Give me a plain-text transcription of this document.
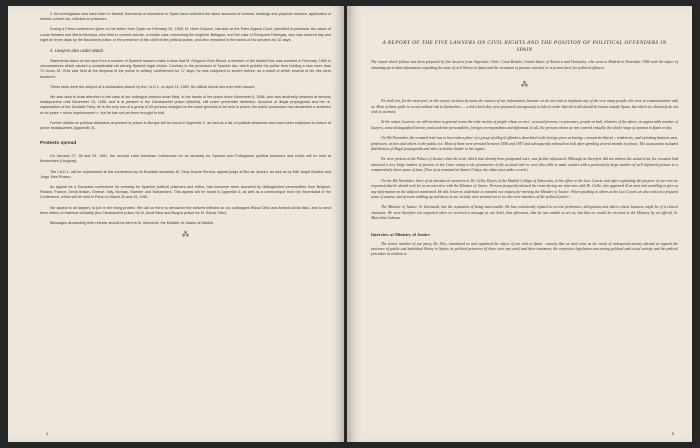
3. All investigators who have been in Madrid, Barcelona or elsewhere in Spain have collected the same accounts of tortures, beatings and physical violence, application of electric current etc, inflicted on prisoners.

During a Press conference given on his return from Spain on February 20, 1959, M. Henri Douzon, barrister at the Paris Appeal Court, specified in particular the cases of Lucas Morales and María Montoya, who tried to commit suicide, a similar case concerning the engineer Balaguer, and the case of Enriqueta Fabregas, who was tortured day and night for three days by the Barcelona police, in the presence of the chief of the political police, and who remained in the hands of his torturers for 32 days.

4. Lawyers also under attack

Statements taken on the spot from a number of Spanish lawyers make it clear that M. Gregorio Ortiz Riscal, a member of the Madrid Bar, was arrested in February, 1960 in circumstances which caused a considerable stir among Spanish legal circles. Contrary to the provisions of Spanish law, which prohibit the police from holding a man more than 72 hours, M. Ortiz was held at the disposal of the police in solitary confinement for 17 days; he was subjected to severe torture, as a result of which several of his ribs were fractured.

These facts were the subject of a declaration issued by the I.A.D.L. on April 13, 1960. No official denial has ever been issued.

We also wish to draw attention to the case of our colleague Antonio Amat Maiz, in the hands of the police since November 8, 1958, who was arbitrarily detained at security headquarters until November 23, 1958, and is at present in the Carabanchel prison (Madrid), still under preventive detention. Accused of illegal propaganda and the re-organisation of the Socialist Party, he is the only one of a group of 53 persons charged on the same grounds to be held in prison; the public prosecutor has demanded a sentence of six years « minor imprisonment », but he has not yet been brought to trial.

Further details on political detainees at present in prison in Burgos will be found in Appendix 2, as well as a list of political detainees who have been subjected to torture at police headquarters (Appendix 3).

Protests spread

On January 27, 28 and 29, 1961, the second Latin American Conference for an amnesty for Spanish and Portuguese political prisoners and exiles will be held at Montevideo (Uruguay).

The I.A.D.L. will be represented at this conference by its Brazilian secretary M. Osny Duarte Pereira, appeal judge at Rio de Janeiro, as well as by MM. Angel Bustelo and Jorge Jiles Pizarro.

An appeal for a European conference for amnesty for Spanish political prisoners and exiles, has moreover been launched by distinguished personalities from Belgium, Finland, France, Great Britain, Greece, Italy, Norway, Sweden and Switzerland. This appeal will be found in Appendix 4, as well as a communiqué from the Secretariat of the Conference, which will be held in Paris on March 25 and 26, 1961.

We appeal to all lawyers to join in the rising protest. We call on them to denounce the tortures inflicted on our colleagues Riscal Ortiz and Antonio Amat Maiz, and to send them letters of fraternal solidarity (the Carabanchel prison for M. Amat Maiz and Burgos prison for M. Riscal Ortiz).

Messages demanding their release should be sent to M. Iturmendi, the Minister of Justice at Madrid.

⁂
4
A REPORT OF THE FIVE LAWYERS ON CIVIL RIGHTS AND THE POSITION OF POLITICAL OFFENDERS IN SPAIN
The report which follows has been prepared by five lawyers from Argentine, Chile, Great Britain, United States of America and Venezuela, who went to Madrid in November 1960 with the object of obtaining up-to-date information regarding the state of civil liberty in Spain and the treatment of persons arrested or in prison there for political offences.
⁂

We shall not, for the most part, in this report, mention by name the sources of our information, because we do not wish to implicate any of the very many people who were in communication with us. Most of them spoke to us not without risk to themselves — a risk which they were prepared courageously to take in order that the truth should be known outside Spain, but which we obviously do not wish to increase.

At the outset, however, we will mention in general terms the wide variety of people whom we met : accused persons, ex-prisoners, people on bail, relatives of the above, an appreciable number of lawyers, some distinguished literary and academic personalities, foreign correspondents and diplomats. In all, the persons whom we met covered virtually the whole range of opinion in Spain to-day.

On 9th November, the resumed trial was to have taken place of a group of alleged offenders described in the foreign press as having « monarcho-liberal » tendencies, and including business men, professors, writers and others in the public eye. Most of them were arrested between 1956 and 1957 and subsequently released on bail after spending several months in prison. The accusations included distribution of illegal propaganda and other activities hostile to the regime.

We were present at the Palace of Justice when the trial, which had already been postponed once, was further adjourned. Although we therefore did not witness the actual trial, the occasion had attracted a very large number of persons to the Court owing to the prominence of the accused and we were thus able to make contact with a particularly large number of well informed persons in a comparatively short space of time. (Two of us remained in Spain 13 days, the others just under a week.)

On the 8th November, three of us introduced ourselves to Dr. Gella, Doyen of the Madrid College of Advocates, in his office at the Law Courts, and after explaining the purpose of our visit we requested that he should seek for us an interview with the Minister of Justice. Persons frequently advised the room during our interview with Dr. Gella, who appeared ill-at-ease and unwilling to give us any information on the subjects mentioned. He did, however, undertake to transmit our request for meeting the Minister of Justice. When speaking to others at the Law Courts we also noticed a frequent sense of unease, and persons walking up and down in our vicinity were pointed out to us who were members of the political police.

The Minister of Justice, Sr. Iturmendi, has the reputation of being inaccessible. He has consistently refused to receive petitioners, delegations and others whose business might be of a critical character. We were therefore not surprised when we received a message at our hotel, that afternoon, that he was unable to see us, but that we would be received at the Ministry by an official, Sr. Marcelino Cabana.

Interview at Ministry of Justice

The senior member of our party, Dr. Jiles, introduced us and explained the object of our visit to Spain : namely that we had come as the result of widespread anxiety abroad as regards the existence of public and individual liberty in Spain; its political prisoners (if there were any such) and their treatment; the repressive legislation concerning political and social activity and the judicial procedure in relation to

5
